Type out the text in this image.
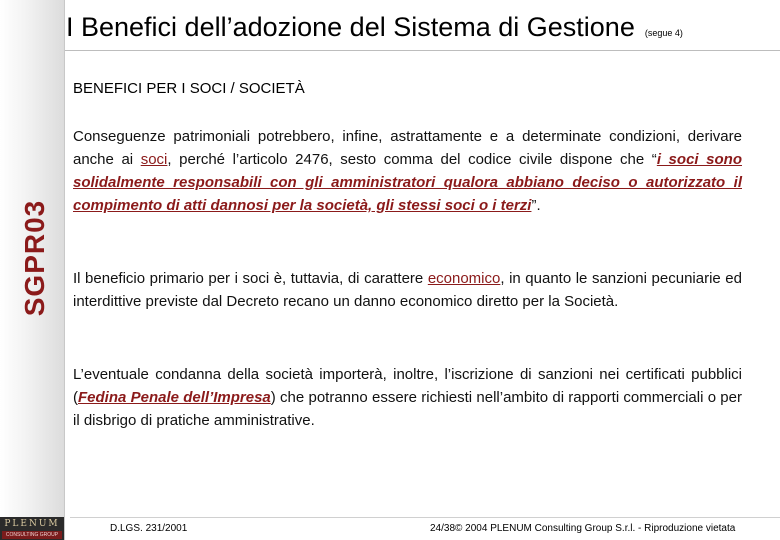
SGPR03
PLENUM
CONSULTING GROUP
I Benefici dell’adozione del Sistema di Gestione (segue 4)
BENEFICI PER I SOCI / SOCIETÀ
Conseguenze patrimoniali potrebbero, infine, astrattamente e a determinate condizioni, derivare anche ai soci, perché l’articolo 2476, sesto comma del codice civile dispone che “i soci sono solidalmente responsabili con gli amministratori qualora abbiano deciso o autorizzato il compimento di atti dannosi per la società, gli stessi soci o i terzi”.
Il beneficio primario per i soci è, tuttavia, di carattere economico, in quanto le sanzioni pecuniarie ed interdittive previste dal Decreto recano un danno economico diretto per la Società.
L’eventuale condanna della società importerà, inoltre, l’iscrizione di sanzioni nei certificati pubblici (Fedina Penale dell’Impresa) che potranno essere richiesti nell’ambito di rapporti commerciali o per il disbrigo di pratiche amministrative.
D.LGS. 231/2001	24/38© 2004 PLENUM Consulting Group S.r.l. - Riproduzione vietata
